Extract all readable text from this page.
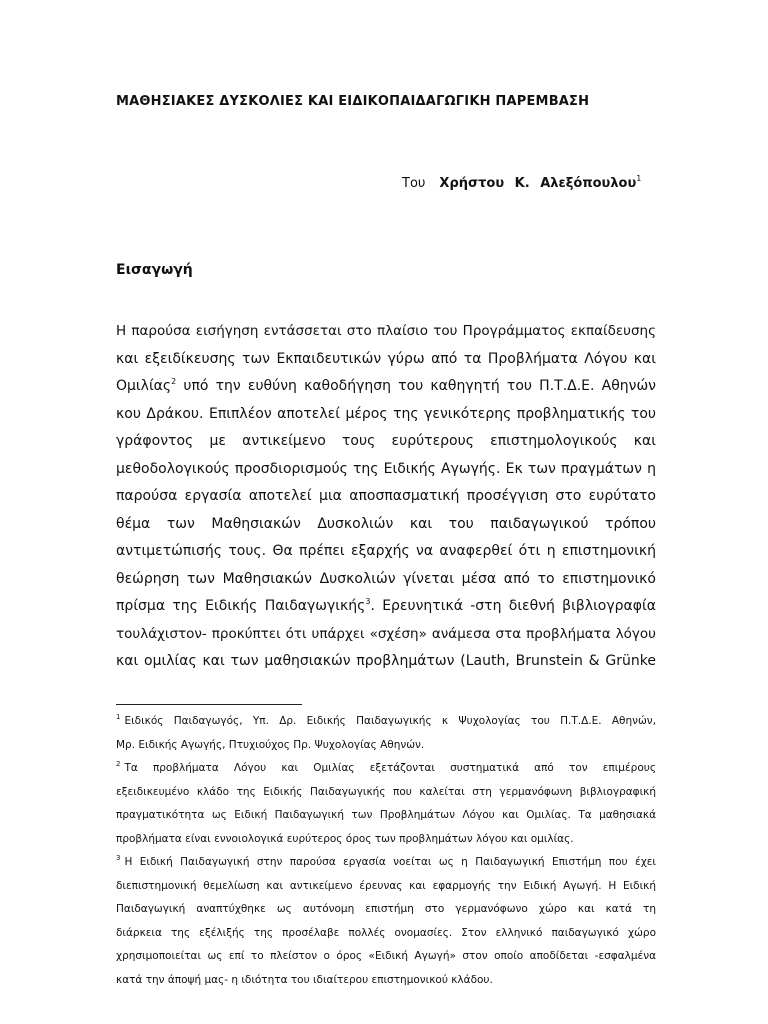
ΜΑΘΗΣΙΑΚΕΣ ΔΥΣΚΟΛΙΕΣ ΚΑΙ ΕΙΔΙΚΟΠΑΙΔΑΓΩΓΙΚΗ ΠΑΡΕΜΒΑΣΗ
Του Χρήστου Κ. Αλεξόπουλου$^1$
Εισαγωγή
Η παρούσα εισήγηση εντάσσεται στο πλαίσιο του Προγράμματος εκπαίδευσης
και εξειδίκευσης των Εκπαιδευτικών γύρω από τα Προβλήματα Λόγου και
Ομιλίας$^2$ υπό την ευθύνη καθοδήγηση του καθηγητή του Π.Τ.Δ.Ε. Αθηνών
κου Δράκου. Επιπλέον αποτελεί μέρος της γενικότερης προβληματικής του
γράφοντος με αντικείμενο τους ευρύτερους επιστημολογικούς και
μεθοδολογικούς προσδιορισμούς της Ειδικής Αγωγής. Εκ των πραγμάτων η
παρούσα εργασία αποτελεί μια αποσπασματική προσέγγιση στο ευρύτατο
θέμα των Μαθησιακών Δυσκολιών και του παιδαγωγικού τρόπου
αντιμετώπισής τους. Θα πρέπει εξαρχής να αναφερθεί ότι η επιστημονική
θεώρηση των Μαθησιακών Δυσκολιών γίνεται μέσα από το επιστημονικό
πρίσμα της Ειδικής Παιδαγωγικής$^3$. Ερευνητικά -στη διεθνή βιβλιογραφία
τουλάχιστον- προκύπτει ότι υπάρχει «σχέση» ανάμεσα στα προβλήματα λόγου
και ομιλίας και των μαθησιακών προβλημάτων (Lauth, Brunstein & Grünke
$^1$ Ειδικός Παιδαγωγός, Υπ. Δρ. Ειδικής Παιδαγωγικής κ Ψυχολογίας του Π.Τ.Δ.Ε. Αθηνών,
Μρ. Ειδικής Αγωγής, Πτυχιούχος Πρ. Ψυχολογίας Αθηνών.
$^2$ Τα προβλήματα Λόγου και Ομιλίας εξετάζονται συστηματικά από τον επιμέρους
εξειδικευμένο κλάδο της Ειδικής Παιδαγωγικής που καλείται στη γερμανόφωνη βιβλιογραφική
πραγματικότητα ως Ειδική Παιδαγωγική των Προβλημάτων Λόγου και Ομιλίας. Τα μαθησιακά
προβλήματα είναι εννοιολογικά ευρύτερος όρος των προβλημάτων λόγου και ομιλίας.
$^3$ Η Ειδική Παιδαγωγική στην παρούσα εργασία νοείται ως η Παιδαγωγική Επιστήμη που έχει
διεπιστημονική θεμελίωση και αντικείμενο έρευνας και εφαρμογής την Ειδική Αγωγή. Η Ειδική
Παιδαγωγική αναπτύχθηκε ως αυτόνομη επιστήμη στο γερμανόφωνο χώρο και κατά τη
διάρκεια της εξέλιξής της προσέλαβε πολλές ονομασίες. Στον ελληνικό παιδαγωγικό χώρο
χρησιμοποιείται ως επί το πλείστον ο όρος «Ειδική Αγωγή» στον οποίο αποδίδεται -εσφαλμένα
κατά την άποψή μας- η ιδιότητα του ιδιαίτερου επιστημονικού κλάδου.
